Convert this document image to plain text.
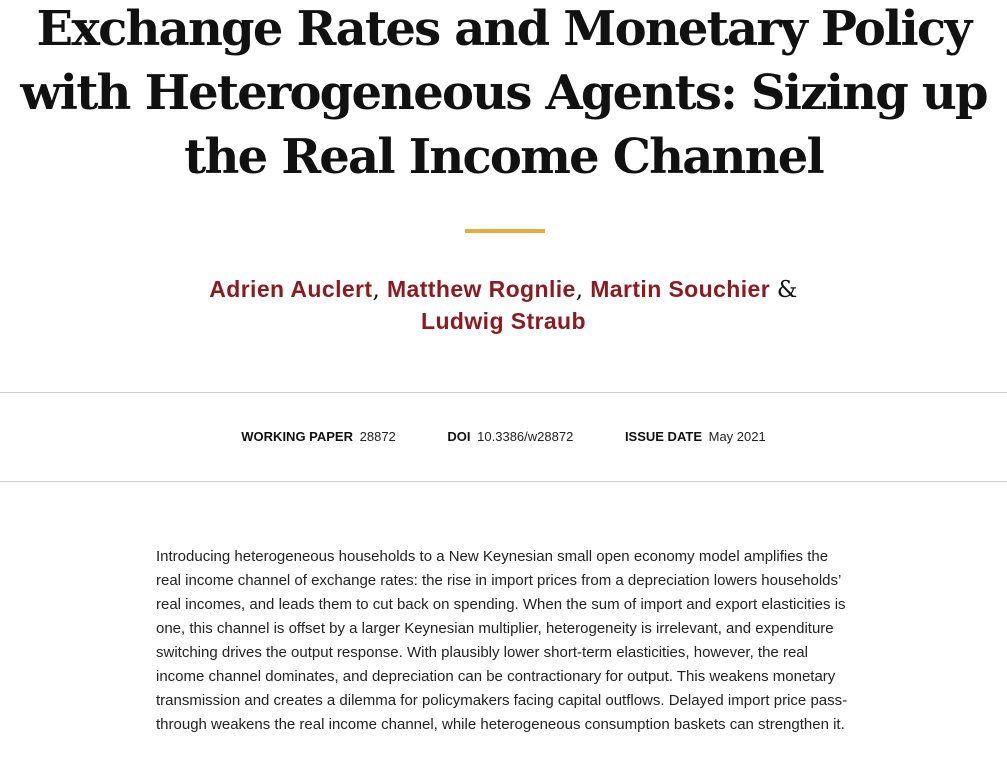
Exchange Rates and Monetary Policy with Heterogeneous Agents: Sizing up the Real Income Channel
Adrien Auclert, Matthew Rognlie, Martin Souchier &
Ludwig Straub
WORKING PAPER 28872	DOI 10.3386/w28872	ISSUE DATE May 2021

Introducing heterogeneous households to a New Keynesian small open economy model amplifies the real income channel of exchange rates: the rise in import prices from a depreciation lowers households’ real incomes, and leads them to cut back on spending. When the sum of import and export elasticities is one, this channel is offset by a larger Keynesian multiplier, heterogeneity is irrelevant, and expenditure switching drives the output response. With plausibly lower short-term elasticities, however, the real income channel dominates, and depreciation can be contractionary for output. This weakens monetary transmission and creates a dilemma for policymakers facing capital outflows. Delayed import price pass-through weakens the real income channel, while heterogeneous consumption baskets can strengthen it.
